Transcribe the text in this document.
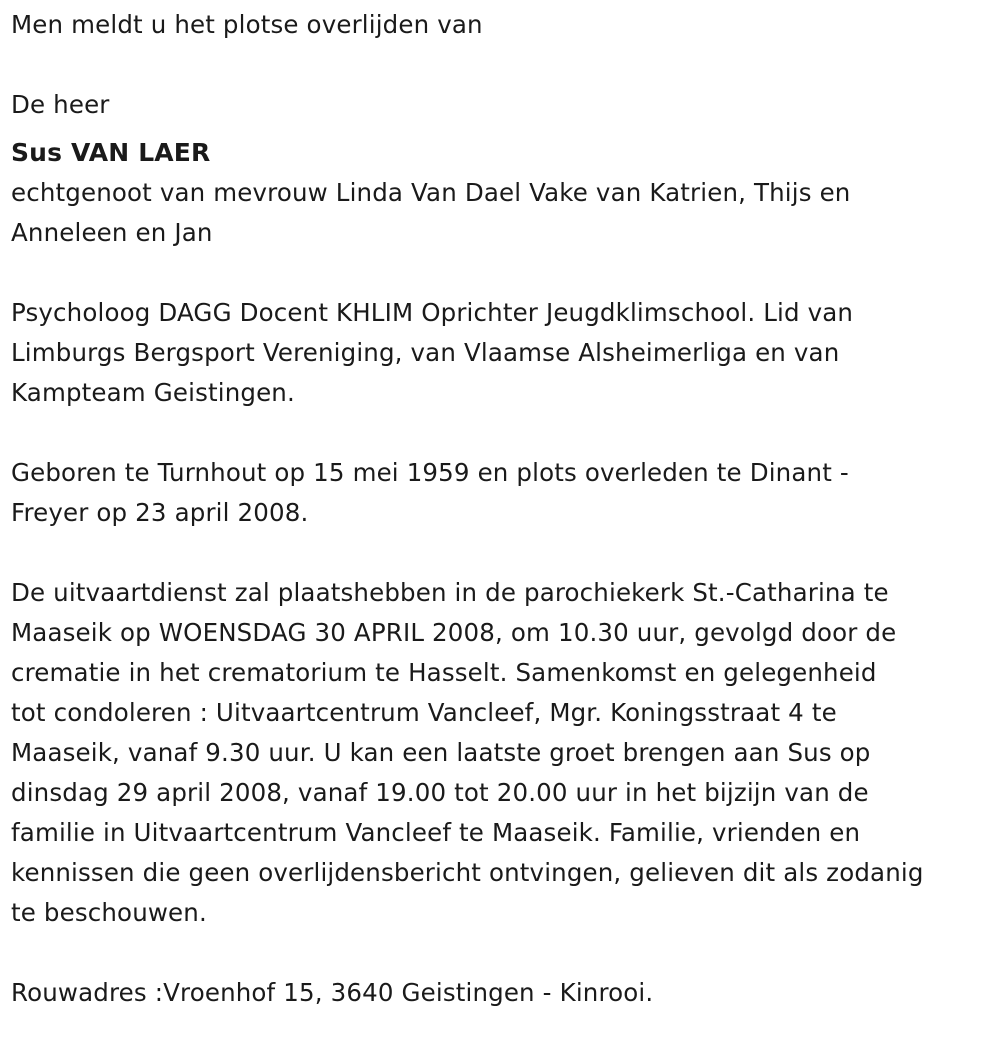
Men meldt u het plotse overlijden van

De heer

Sus VAN LAER

echtgenoot van mevrouw Linda Van Dael Vake van Katrien, Thijs en

Anneleen en Jan

Psycholoog DAGG Docent KHLIM Oprichter Jeugdklimschool. Lid van

Limburgs Bergsport Vereniging, van Vlaamse Alsheimerliga en van

Kampteam Geistingen.

Geboren te Turnhout op 15 mei 1959 en plots overleden te Dinant -

Freyer op 23 april 2008.

De uitvaartdienst zal plaatshebben in de parochiekerk St.-Catharina te

Maaseik op WOENSDAG 30 APRIL 2008, om 10.30 uur, gevolgd door de

crematie in het crematorium te Hasselt. Samenkomst en gelegenheid

tot condoleren : Uitvaartcentrum Vancleef, Mgr. Koningsstraat 4 te

Maaseik, vanaf 9.30 uur. U kan een laatste groet brengen aan Sus op

dinsdag 29 april 2008, vanaf 19.00 tot 20.00 uur in het bijzijn van de

familie in Uitvaartcentrum Vancleef te Maaseik. Familie, vrienden en

kennissen die geen overlijdensbericht ontvingen, gelieven dit als zodanig

te beschouwen.

Rouwadres :Vroenhof 15, 3640 Geistingen - Kinrooi.
